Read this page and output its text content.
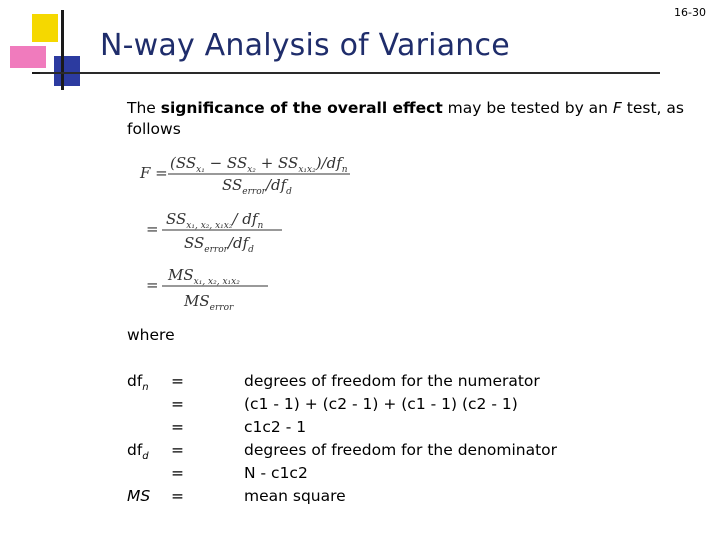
16-30
N-way Analysis of Variance
The significance of the overall effect may be tested by an F test, as follows
F =
$(SS_{x_1} - SS_{x_2} + SS_{x_1x_2})/df_n$
$SS_{error}/df_d$
=
$SS_{x_1, x_2, x_1x_2}/$ $df_n$
$SS_{error}/df_d$
=
$MS_{x_1, x_2, x_1x_2}$
$MS_{error}$
where
$df_n$	=	degrees of freedom for the numerator
=	(c1 - 1) + (c2 - 1) + (c1 - 1) (c2 - 1)
=	c1c2 - 1
$df_d$	=	degrees of freedom for the denominator
=	N - c1c2
MS	=	mean square
